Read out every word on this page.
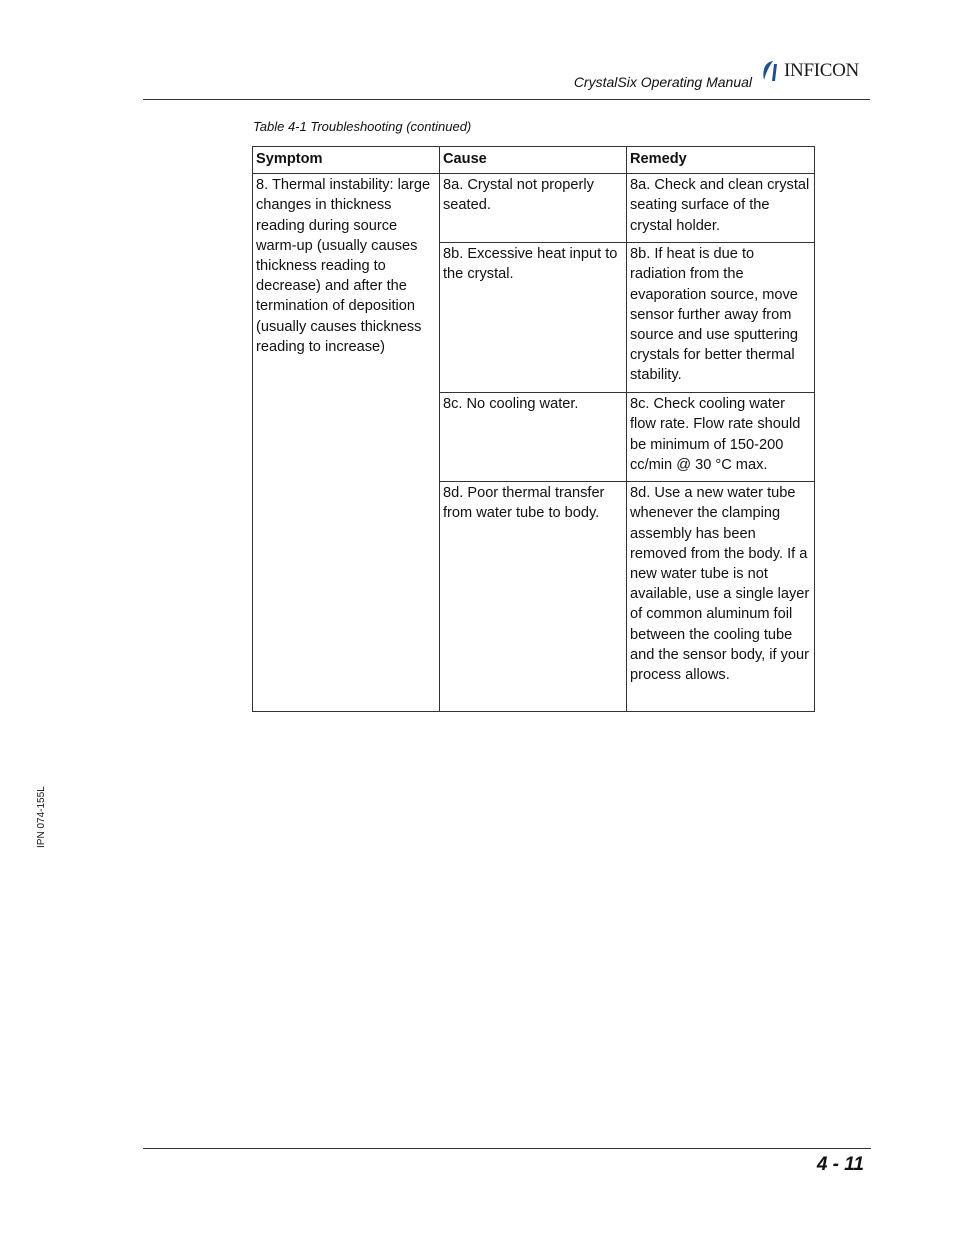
CrystalSix Operating Manual
INFICON
Table 4-1 Troubleshooting (continued)
Symptom	Cause	Remedy
8. Thermal instability: large changes in thickness reading during source warm-up (usually causes thickness reading to decrease) and after the termination of deposition (usually causes thickness reading to increase)	8a. Crystal not properly seated.	8a. Check and clean crystal seating surface of the crystal holder.
	8b. Excessive heat input to the crystal.	8b. If heat is due to radiation from the evaporation source, move sensor further away from source and use sputtering crystals for better thermal stability.
	8c. No cooling water.	8c. Check cooling water flow rate. Flow rate should be minimum of 150-200 cc/min @ 30 °C max.
	8d. Poor thermal transfer from water tube to body.	8d. Use a new water tube whenever the clamping assembly has been removed from the body. If a new water tube is not available, use a single layer of common aluminum foil between the cooling tube and the sensor body, if your process allows.
IPN 074-155L
4 - 11
